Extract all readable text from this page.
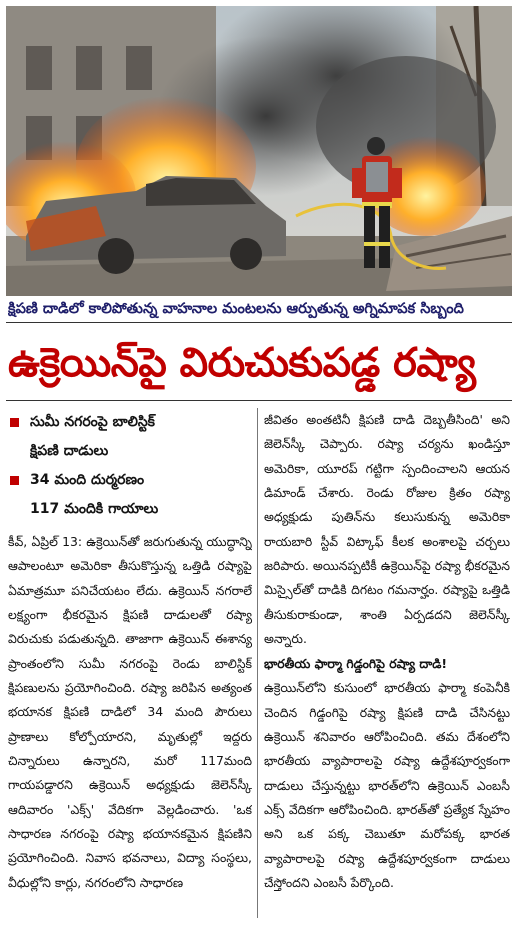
క్షిపణి దాడిలో కాలిపోతున్న వాహనాల మంటలను ఆర్పుతున్న అగ్నిమాపక సిబ్బంది
ఉక్రెయిన్‌పై విరుచుకుపడ్డ రష్యా
సుమీ నగరంపై బాలిస్టిక్
క్షిపణి దాడులు
34 మంది దుర్మరణం
117 మందికి గాయాలు

కీవ్‌, ఏప్రిల్‌ 13: ఉక్రెయిన్‌తో జరుగుతున్న యుద్ధాన్ని ఆపాలంటూ అమెరికా తీసుకొస్తున్న ఒత్తిడి రష్యాపై ఏమాత్రమూ పనిచేయటం లేదు. ఉక్రెయిన్‌ నగరాలే లక్ష్యంగా భీకరమైన క్షిపణి దాడులతో రష్యా విరుచుకు పడుతున్నది. తాజాగా ఉక్రెయిన్‌ ఈశాన్య ప్రాంతంలోని సుమీ నగరంపై రెండు బాలిస్టిక్‌ క్షిపణులను ప్రయోగించింది. రష్యా జరిపిన అత్యంత భయానక క్షిపణి దాడిలో 34 మంది పౌరులు ప్రాణాలు కోల్పోయారని, మృతుల్లో ఇద్దరు చిన్నారులు ఉన్నారని, మరో 117మంది గాయపడ్డారని ఉక్రెయిన్‌ అధ్యక్షుడు జెలెన్‌స్కీ ఆదివారం 'ఎక్స్‌' వేదికగా వెల్లడించారు. 'ఒక సాధారణ నగరంపై రష్యా భయానకమైన క్షిపణిని ప్రయోగించింది. నివాస భవనాలు, విద్యా సంస్థలు, వీధుల్లోని కార్లు, నగరంలోని సాధారణ

జీవితం అంతటినీ క్షిపణి దాడి దెబ్బతీసింది' అని జెలెన్‌స్కీ చెప్పారు. రష్యా చర్యను ఖండిస్తూ అమెరికా, యూరప్‌ గట్టిగా స్పందించాలని ఆయన డిమాండ్‌ చేశారు. రెండు రోజుల క్రితం రష్యా అధ్యక్షుడు పుతిన్‌ను కలుసుకున్న అమెరికా రాయబారి స్టీవ్‌ విట్కాఫ్‌ కీలక అంశాలపై చర్చలు జరిపారు. అయినప్పటికీ ఉక్రెయిన్‌పై రష్యా భీకరమైన మిస్సైల్‌తో దాడికి దిగటం గమనార్హం. రష్యాపై ఒత్తిడి తీసుకురాకుండా, శాంతి ఏర్పడదని జెలెన్‌స్కీ అన్నారు.

భారతీయ ఫార్మా గిడ్డంగిపై రష్యా దాడి!

ఉక్రెయిన్‌లోని కుసుంలో భారతీయ ఫార్మా కంపెనీకి చెందిన గిడ్డంగిపై రష్యా క్షిపణి దాడి చేసినట్టు ఉక్రెయిన్‌ శనివారం ఆరోపించింది. తమ దేశంలోని భారతీయ వ్యాపారాలపై రష్యా ఉద్దేశపూర్వకంగా దాడులు చేస్తున్నట్టు భారత్‌లోని ఉక్రెయిన్‌ ఎంబసీ ఎక్స్‌ వేదికగా ఆరోపించింది. భారత్‌తో ప్రత్యేక స్నేహం అని ఒక పక్క చెబుతూ మరోపక్క భారత వ్యాపారాలపై రష్యా ఉద్దేశపూర్వకంగా దాడులు చేస్తోందని ఎంబసీ పేర్కొంది.
